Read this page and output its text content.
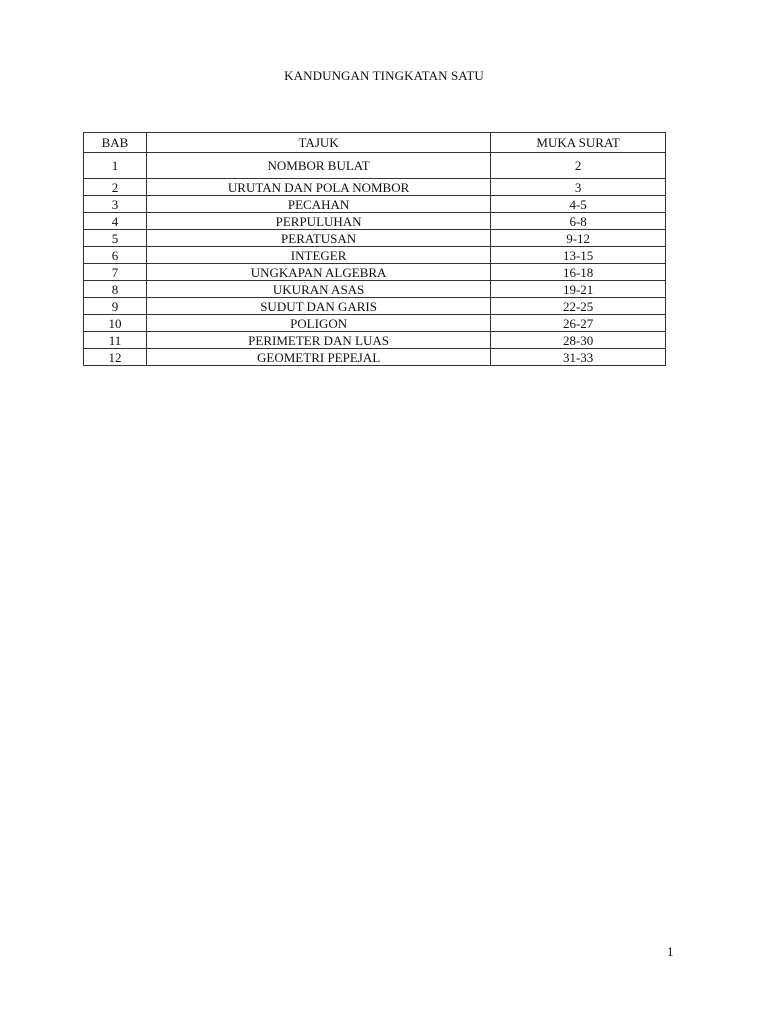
KANDUNGAN TINGKATAN SATU
BAB	TAJUK	MUKA SURAT
1	NOMBOR BULAT	2
2	URUTAN DAN POLA NOMBOR	3
3	PECAHAN	4-5
4	PERPULUHAN	6-8
5	PERATUSAN	9-12
6	INTEGER	13-15
7	UNGKAPAN ALGEBRA	16-18
8	UKURAN ASAS	19-21
9	SUDUT DAN GARIS	22-25
10	POLIGON	26-27
11	PERIMETER DAN LUAS	28-30
12	GEOMETRI PEPEJAL	31-33
1
